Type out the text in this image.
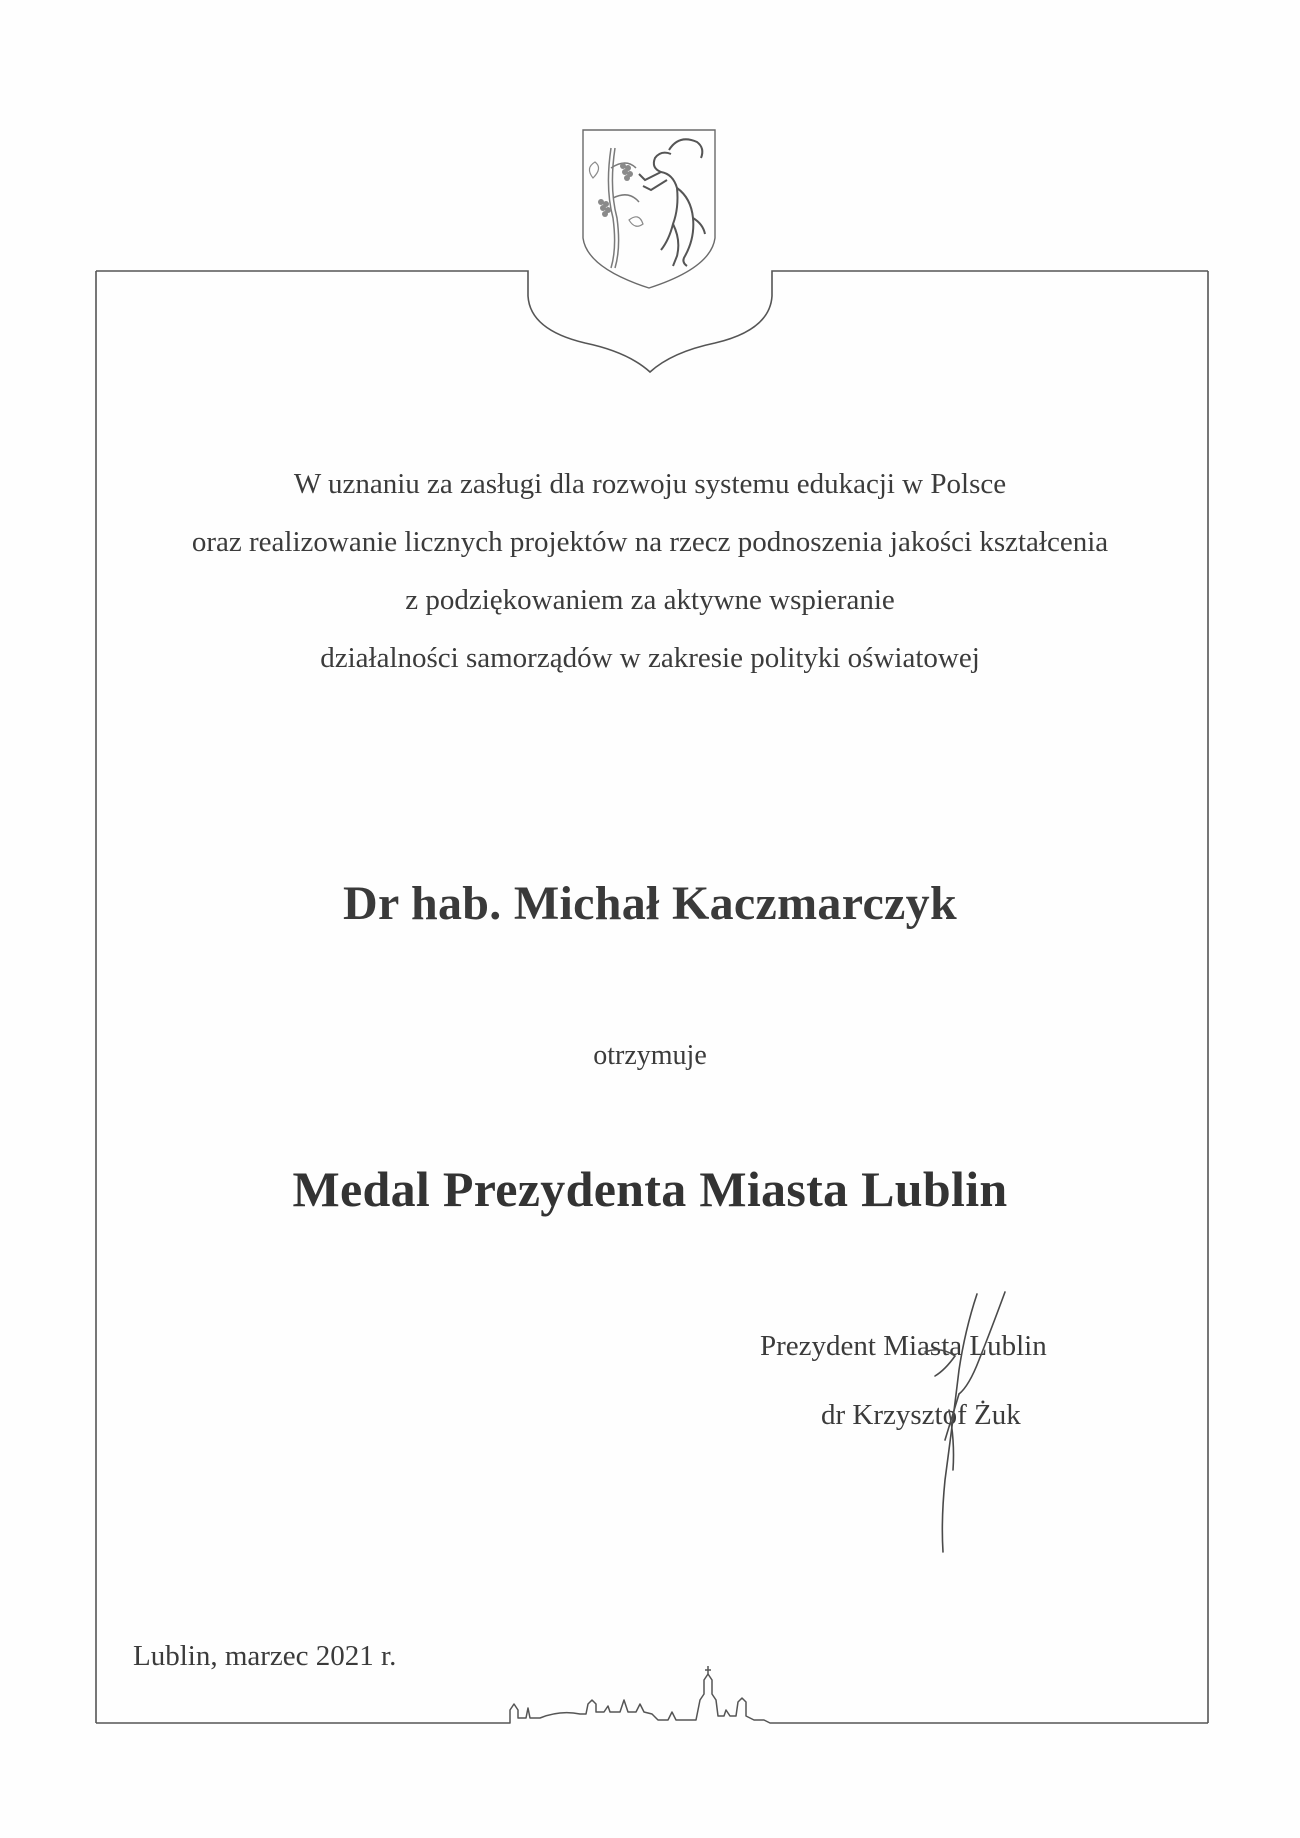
W uznaniu za zasługi dla rozwoju systemu edukacji w Polsce
oraz realizowanie licznych projektów na rzecz podnoszenia jakości kształcenia
z podziękowaniem za aktywne wspieranie
działalności samorządów w zakresie polityki oświatowej

Dr hab. Michał Kaczmarczyk

otrzymuje

Medal Prezydenta Miasta Lublin

Prezydent Miasta Lublin

dr Krzysztof Żuk

Lublin, marzec 2021 r.
